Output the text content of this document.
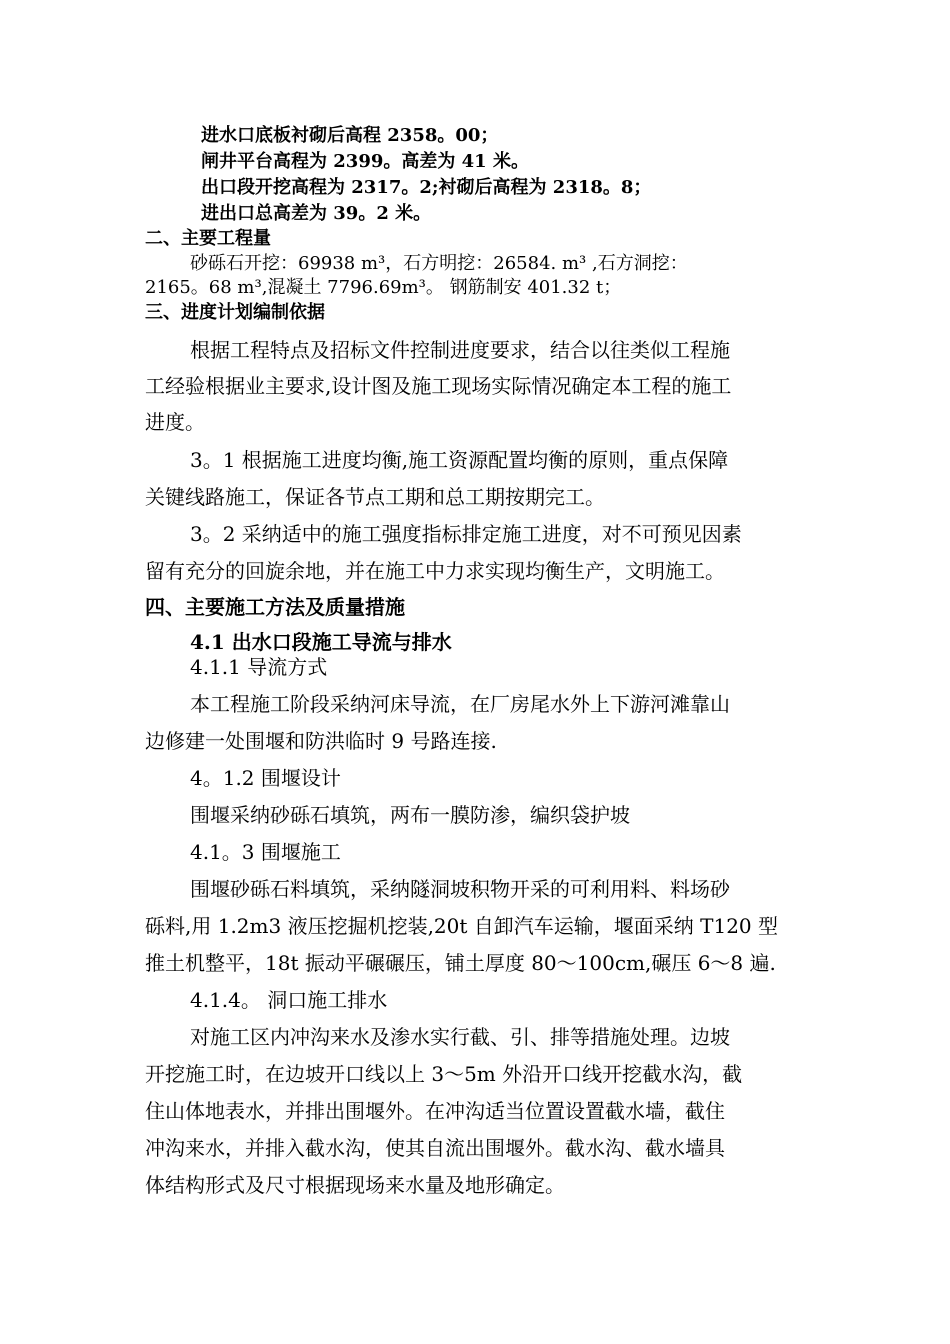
进水口底板衬砌后高程 2358。00；
闸井平台高程为 2399。高差为 41 米。
出口段开挖高程为 2317。2;衬砌后高程为 2318。8；
进出口总高差为 39。2 米。
二、主要工程量
砂砾石开挖：69938 m³，石方明挖：26584. m³ ,石方洞挖：
2165。68 m³,混凝土 7796.69m³。 钢筋制安 401.32 t；
三、进度计划编制依据
根据工程特点及招标文件控制进度要求，结合以往类似工程施
工经验根据业主要求,设计图及施工现场实际情况确定本工程的施工
进度。
3。1 根据施工进度均衡,施工资源配置均衡的原则，重点保障
关键线路施工，保证各节点工期和总工期按期完工。
3。2 采纳适中的施工强度指标排定施工进度，对不可预见因素
留有充分的回旋余地，并在施工中力求实现均衡生产，文明施工。
四、主要施工方法及质量措施
4.1 出水口段施工导流与排水
4.1.1 导流方式
本工程施工阶段采纳河床导流，在厂房尾水外上下游河滩靠山
边修建一处围堰和防洪临时 9 号路连接.
4。1.2 围堰设计
围堰采纳砂砾石填筑，两布一膜防渗，编织袋护坡
4.1。3 围堰施工
围堰砂砾石料填筑，采纳隧洞坡积物开采的可利用料、料场砂
砾料,用 1.2m3 液压挖掘机挖装,20t 自卸汽车运输，堰面采纳 T120 型
推土机整平，18t 振动平碾碾压，铺土厚度 80～100cm,碾压 6～8 遍.
4.1.4。 洞口施工排水
对施工区内冲沟来水及渗水实行截、引、排等措施处理。边坡
开挖施工时，在边坡开口线以上 3～5m 外沿开口线开挖截水沟，截
住山体地表水，并排出围堰外。在冲沟适当位置设置截水墙，截住
冲沟来水，并排入截水沟，使其自流出围堰外。截水沟、截水墙具
体结构形式及尺寸根据现场来水量及地形确定。
